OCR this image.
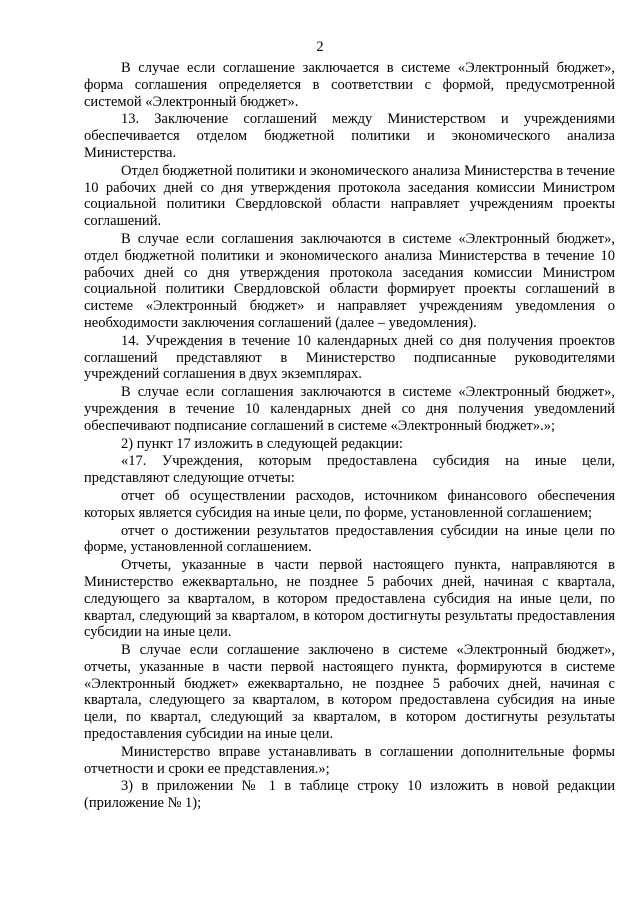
2

В случае если соглашение заключается в системе «Электронный бюджет», форма соглашения определяется в соответствии с формой, предусмотренной системой «Электронный бюджет».

13. Заключение соглашений между Министерством и учреждениями обеспечивается отделом бюджетной политики и экономического анализа Министерства.

Отдел бюджетной политики и экономического анализа Министерства в течение 10 рабочих дней со дня утверждения протокола заседания комиссии Министром социальной политики Свердловской области направляет учреждениям проекты соглашений.

В случае если соглашения заключаются в системе «Электронный бюджет», отдел бюджетной политики и экономического анализа Министерства в течение 10 рабочих дней со дня утверждения протокола заседания комиссии Министром социальной политики Свердловской области формирует проекты соглашений в системе «Электронный бюджет» и направляет учреждениям уведомления о необходимости заключения соглашений (далее – уведомления).

14. Учреждения в течение 10 календарных дней со дня получения проектов соглашений представляют в Министерство подписанные руководителями учреждений соглашения в двух экземплярах.

В случае если соглашения заключаются в системе «Электронный бюджет», учреждения в течение 10 календарных дней со дня получения уведомлений обеспечивают подписание соглашений в системе «Электронный бюджет».»;

2) пункт 17 изложить в следующей редакции:

«17. Учреждения, которым предоставлена субсидия на иные цели, представляют следующие отчеты:

отчет об осуществлении расходов, источником финансового обеспечения которых является субсидия на иные цели, по форме, установленной соглашением;

отчет о достижении результатов предоставления субсидии на иные цели по форме, установленной соглашением.

Отчеты, указанные в части первой настоящего пункта, направляются в Министерство ежеквартально, не позднее 5 рабочих дней, начиная с квартала, следующего за кварталом, в котором предоставлена субсидия на иные цели, по квартал, следующий за кварталом, в котором достигнуты результаты предоставления субсидии на иные цели.

В случае если соглашение заключено в системе «Электронный бюджет», отчеты, указанные в части первой настоящего пункта, формируются в системе «Электронный бюджет» ежеквартально, не позднее 5 рабочих дней, начиная с квартала, следующего за кварталом, в котором предоставлена субсидия на иные цели, по квартал, следующий за кварталом, в котором достигнуты результаты предоставления субсидии на иные цели.

Министерство вправе устанавливать в соглашении дополнительные формы отчетности и сроки ее представления.»;

3) в приложении № 1 в таблице строку 10 изложить в новой редакции (приложение № 1);
